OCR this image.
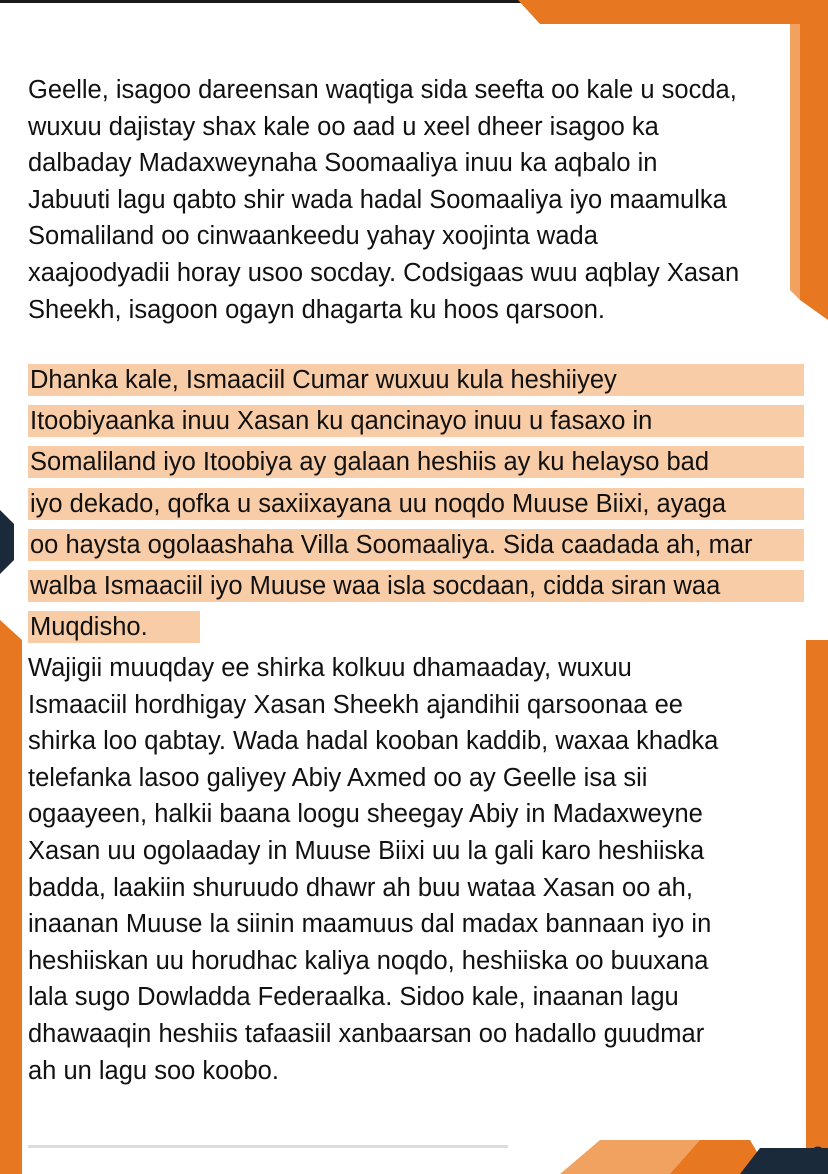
Geelle, isagoo dareensan waqtiga sida seefta oo kale u socda,
wuxuu dajistay shax kale oo aad u xeel dheer isagoo ka
dalbaday Madaxweynaha Soomaaliya inuu ka aqbalo in
Jabuuti lagu qabto shir wada hadal Soomaaliya iyo maamulka
Somaliland oo cinwaankeedu yahay xoojinta wada
xaajoodyadii horay usoo socday. Codsigaas wuu aqblay Xasan
Sheekh, isagoon ogayn dhagarta ku hoos qarsoon.

Dhanka kale, Ismaaciil Cumar wuxuu kula heshiiyey
Itoobiyaanka inuu Xasan ku qancinayo inuu u fasaxo in
Somaliland iyo Itoobiya ay galaan heshiis ay ku helayso bad
iyo dekado, qofka u saxiixayana uu noqdo Muuse Biixi, ayaga
oo haysta ogolaashaha Villa Soomaaliya. Sida caadada ah, mar
walba Ismaaciil iyo Muuse waa isla socdaan, cidda siran waa
Muqdisho.

Wajigii muuqday ee shirka kolkuu dhamaaday, wuxuu
Ismaaciil hordhigay Xasan Sheekh ajandihii qarsoonaa ee
shirka loo qabtay. Wada hadal kooban kaddib, waxaa khadka
telefanka lasoo galiyey Abiy Axmed oo ay Geelle isa sii
ogaayeen, halkii baana loogu sheegay Abiy in Madaxweyne
Xasan uu ogolaaday in Muuse Biixi uu la gali karo heshiiska
badda, laakiin shuruudo dhawr ah buu wataa Xasan oo ah,
inaanan Muuse la siinin maamuus dal madax bannaan iyo in
heshiiskan uu horudhac kaliya noqdo, heshiiska oo buuxana
lala sugo Dowladda Federaalka. Sidoo kale, inaanan lagu
dhawaaqin heshiis tafaasiil xanbaarsan oo hadallo guudmar
ah un lagu soo koobo.

2
